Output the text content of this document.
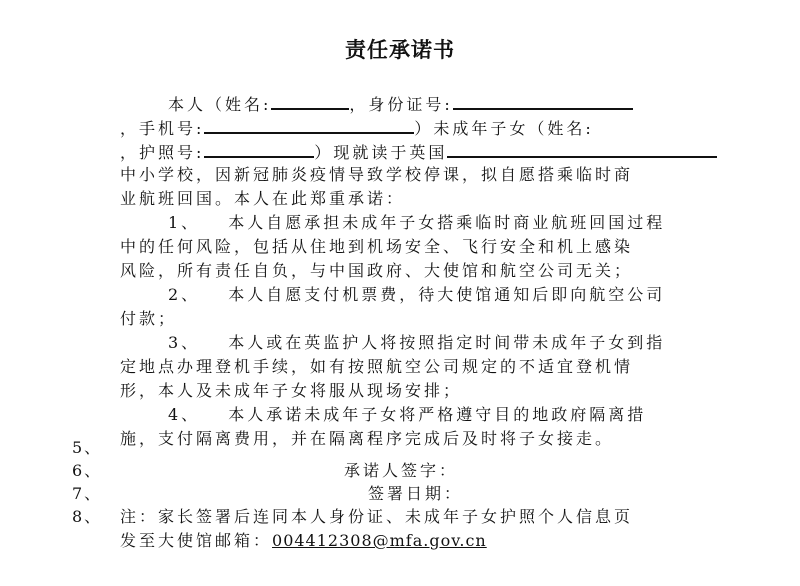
责任承诺书
本人（姓名:	，身份证号:
，手机号:	）未成年子女（姓名:
，护照号:	）现就读于英国
中小学校，因新冠肺炎疫情导致学校停课，拟自愿搭乘临时商
业航班回国。本人在此郑重承诺：
1、 本人自愿承担未成年子女搭乘临时商业航班回国过程
中的任何风险，包括从住地到机场安全、飞行安全和机上感染
风险，所有责任自负，与中国政府、大使馆和航空公司无关；
2、 本人自愿支付机票费，待大使馆通知后即向航空公司
付款；
3、 本人或在英监护人将按照指定时间带未成年子女到指
定地点办理登机手续，如有按照航空公司规定的不适宜登机情
形，本人及未成年子女将服从现场安排；
4、 本人承诺未成年子女将严格遵守目的地政府隔离措
施，支付隔离费用，并在隔离程序完成后及时将子女接走。
5、
6、
7、
8、
承诺人签字：
签署日期：
注：家长签署后连同本人身份证、未成年子女护照个人信息页
发至大使馆邮箱：004412308@mfa.gov.cn
